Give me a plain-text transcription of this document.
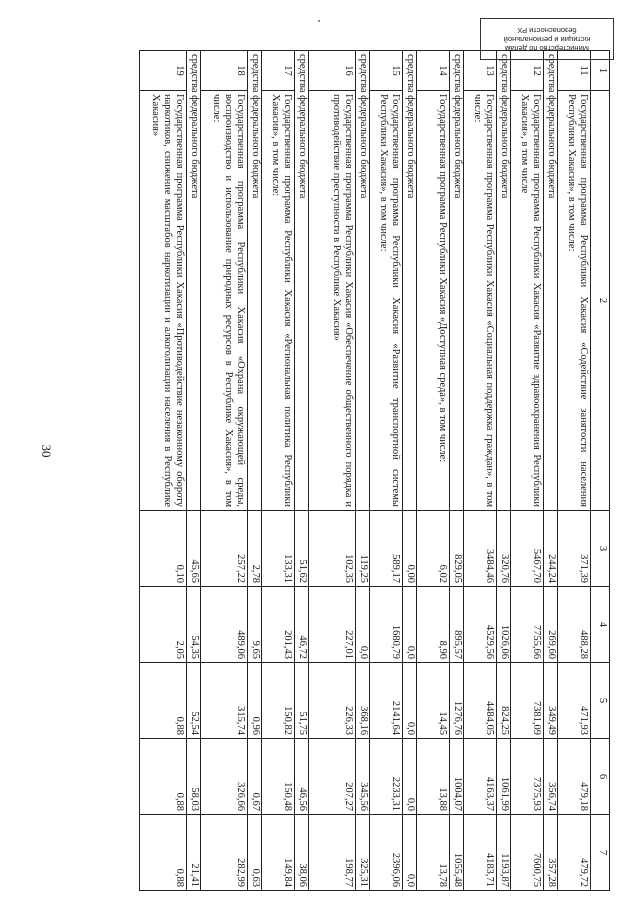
30
Министерство по делам
юстиции и региональной
безопасности РХ
1	2	3	4	5	6	7
11	Государственная программа Республики Хакасия «Содействие занятости населения Республики Хакасия», в том числе:	371,39	488,28	471,93	479,18	479,72
средства федерального бюджета		244,24	269,60	349,49	356,74	357,28
12	Государственная программа Республики Хакасия «Развитие здравоохранения Республики Хакасия», в том числе	5467,70	7755,66	7381,09	7375,93	7600,75
средства федерального бюджета		320,76	1026,06	824,25	1061,99	1193,87
13	Государственная программа Республики Хакасия «Социальная поддержка граждан», в том числе:	3484,46	4529,56	4484,05	4163,37	4183,71
средства федерального бюджета		829,05	895,57	1276,76	1004,07	1055,48
14	Государственная программа Республики Хакасия «Доступная среда», в том числе:	6,02	8,90	14,45	13,88	13,78
средства федерального бюджета		0,00	0,0	0,0	0,0	0,0
15	Государственная программа Республики Хакасия «Развитие транспортной системы Республики Хакасия», в том числе:	589,17	1680,79	2141,64	2233,31	2396,06
средства федерального бюджета		119,25	0,0	368,16	345,56	325,31
16	Государственная программа Республики Хакасия «Обеспечение общественного порядка и противодействие преступности в Республике Хакасия»	102,35	227,01	226,33	207,27	198,77
средства федерального бюджета		51,62	46,72	51,75	46,56	38,06
17	Государственная программа Республики Хакасия «Региональная политика Республики Хакасия», в том числе:	133,31	201,43	150,82	150,48	149,84
средства федерального бюджета		2,78	9,65	0,96	0,67	0,63
18	Государственная программа Республики Хакасия «Охрана окружающей среды, воспроизводство и использование природных ресурсов в Республике Хакасия», в том числе:	257,22	489,06	315,74	326,66	282,99
средства федерального бюджета		45,65	54,35	52,54	58,03	21,41
19	Государственная программа Республики Хакасия «Противодействие незаконному обороту наркотиков, снижение масштабов наркотизации и алкоголизации населения в Республике Хакасия»	0,10	2,05	0,88	0,88	0,88
